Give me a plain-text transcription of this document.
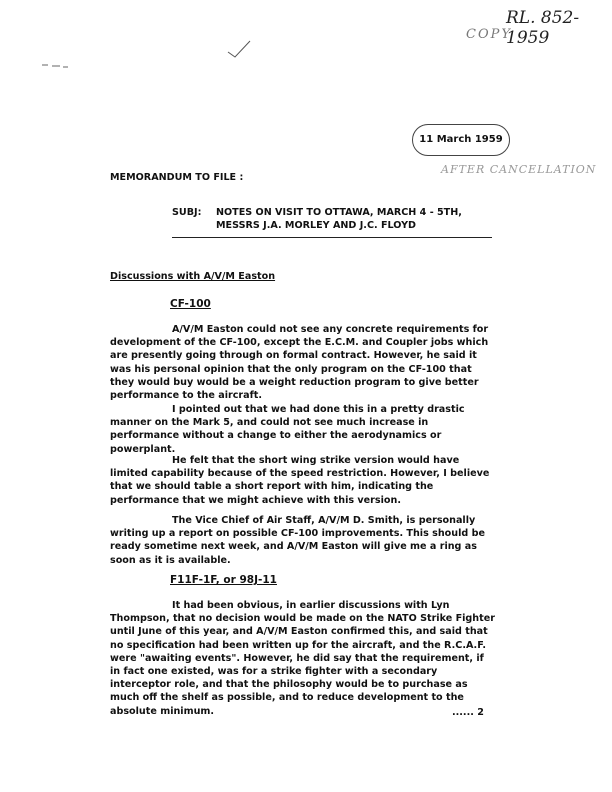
RL. 852-1959
COPY
11 March 1959
AFTER CANCELLATION
MEMORANDUM TO FILE :
SUBJ: NOTES ON VISIT TO OTTAWA, MARCH 4 - 5TH,
MESSRS J.A. MORLEY AND J.C. FLOYD
Discussions with A/V/M Easton
CF-100
A/V/M Easton could not see any concrete requirements for development of the CF-100, except the E.C.M. and Coupler jobs which are presently going through on formal contract. However, he said it was his personal opinion that the only program on the CF-100 that they would buy would be a weight reduction program to give better performance to the aircraft.
I pointed out that we had done this in a pretty drastic manner on the Mark 5, and could not see much increase in performance without a change to either the aerodynamics or powerplant.
He felt that the short wing strike version would have limited capability because of the speed restriction. However, I believe that we should table a short report with him, indicating the performance that we might achieve with this version.
The Vice Chief of Air Staff, A/V/M D. Smith, is personally writing up a report on possible CF-100 improvements. This should be ready sometime next week, and A/V/M Easton will give me a ring as soon as it is available.
F11F-1F, or 98J-11
It had been obvious, in earlier discussions with Lyn Thompson, that no decision would be made on the NATO Strike Fighter until June of this year, and A/V/M Easton confirmed this, and said that no specification had been written up for the aircraft, and the R.C.A.F. were "awaiting events". However, he did say that the requirement, if in fact one existed, was for a strike fighter with a secondary interceptor role, and that the philosophy would be to purchase as much off the shelf as possible, and to reduce development to the absolute minimum.	...... 2
